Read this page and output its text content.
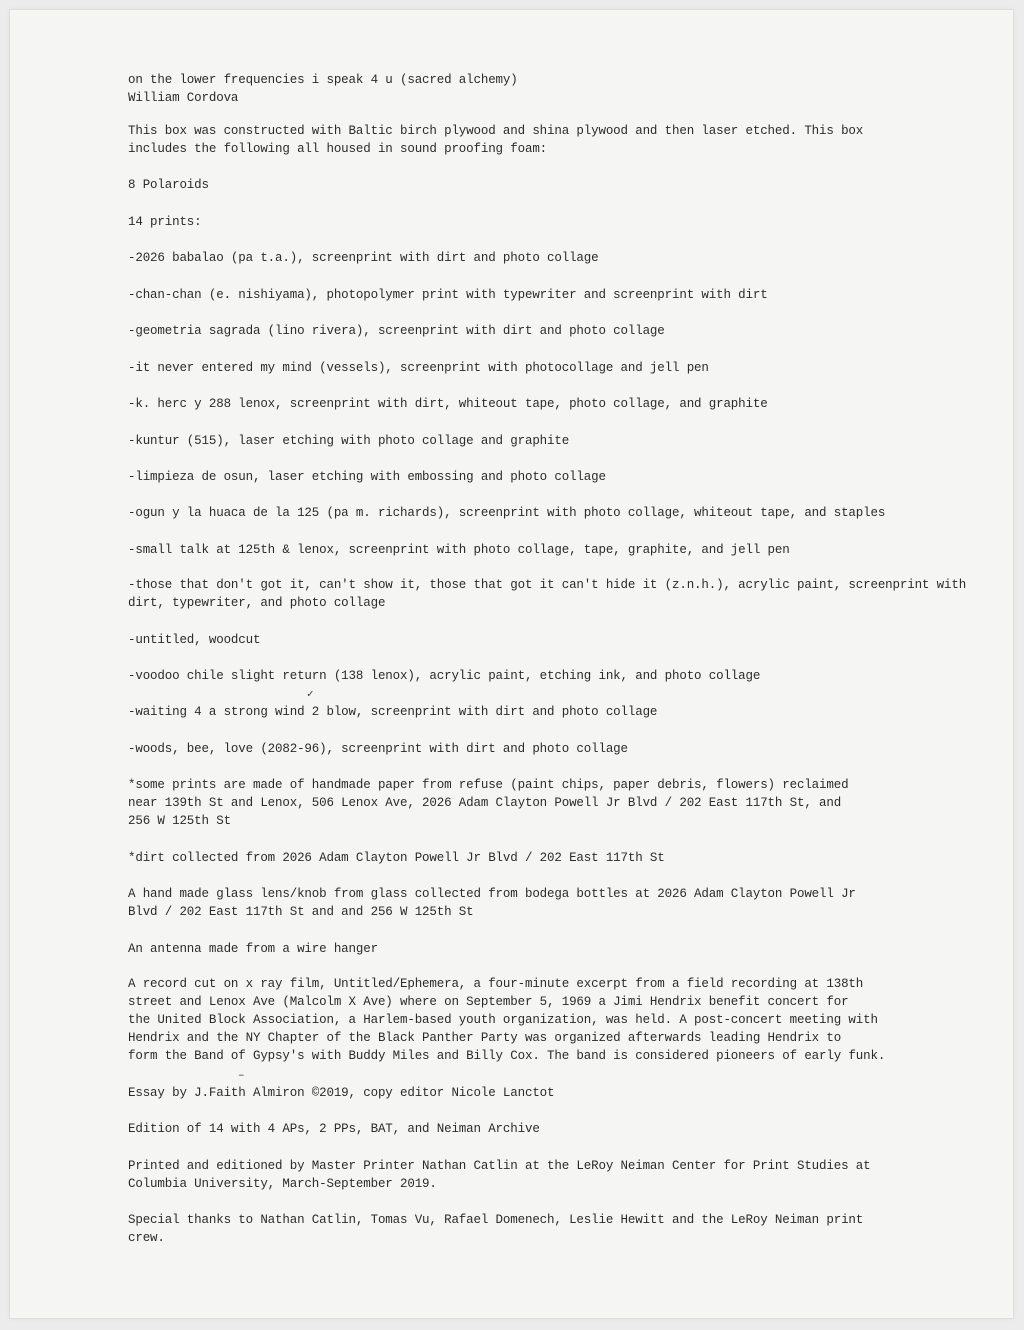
on the lower frequencies i speak 4 u (sacred alchemy)
William Cordova
This box was constructed with Baltic birch plywood and shina plywood and then laser etched. This box
includes the following all housed in sound proofing foam:
8 Polaroids
14 prints:
-2026 babalao (pa t.a.), screenprint with dirt and photo collage
-chan-chan (e. nishiyama), photopolymer print with typewriter and screenprint with dirt
-geometria sagrada (lino rivera), screenprint with dirt and photo collage
-it never entered my mind (vessels), screenprint with photocollage and jell pen
-k. herc y 288 lenox, screenprint with dirt, whiteout tape, photo collage, and graphite
-kuntur (515), laser etching with photo collage and graphite
-limpieza de osun, laser etching with embossing and photo collage
-ogun y la huaca de la 125 (pa m. richards), screenprint with photo collage, whiteout tape, and staples
-small talk at 125th & lenox, screenprint with photo collage, tape, graphite, and jell pen
-those that don't got it, can't show it, those that got it can't hide it (z.n.h.), acrylic paint, screenprint with
dirt, typewriter, and photo collage
-untitled, woodcut
-voodoo chile slight return (138 lenox), acrylic paint, etching ink, and photo collage
✓
-waiting 4 a strong wind 2 blow, screenprint with dirt and photo collage
-woods, bee, love (2082-96), screenprint with dirt and photo collage
*some prints are made of handmade paper from refuse (paint chips, paper debris, flowers) reclaimed
near 139th St and Lenox, 506 Lenox Ave, 2026 Adam Clayton Powell Jr Blvd / 202 East 117th St, and
256 W 125th St
*dirt collected from 2026 Adam Clayton Powell Jr Blvd / 202 East 117th St
A hand made glass lens/knob from glass collected from bodega bottles at 2026 Adam Clayton Powell Jr
Blvd / 202 East 117th St and and 256 W 125th St
An antenna made from a wire hanger
A record cut on x ray film, Untitled/Ephemera, a four-minute excerpt from a field recording at 138th
street and Lenox Ave (Malcolm X Ave) where on September 5, 1969 a Jimi Hendrix benefit concert for
the United Block Association, a Harlem-based youth organization, was held. A post-concert meeting with
Hendrix and the NY Chapter of the Black Panther Party was organized afterwards leading Hendrix to
form the Band of Gypsy's with Buddy Miles and Billy Cox. The band is considered pioneers of early funk.
–
Essay by J.Faith Almiron ©2019, copy editor Nicole Lanctot
Edition of 14 with 4 APs, 2 PPs, BAT, and Neiman Archive
Printed and editioned by Master Printer Nathan Catlin at the LeRoy Neiman Center for Print Studies at
Columbia University, March-September 2019.
Special thanks to Nathan Catlin, Tomas Vu, Rafael Domenech, Leslie Hewitt and the LeRoy Neiman print
crew.
